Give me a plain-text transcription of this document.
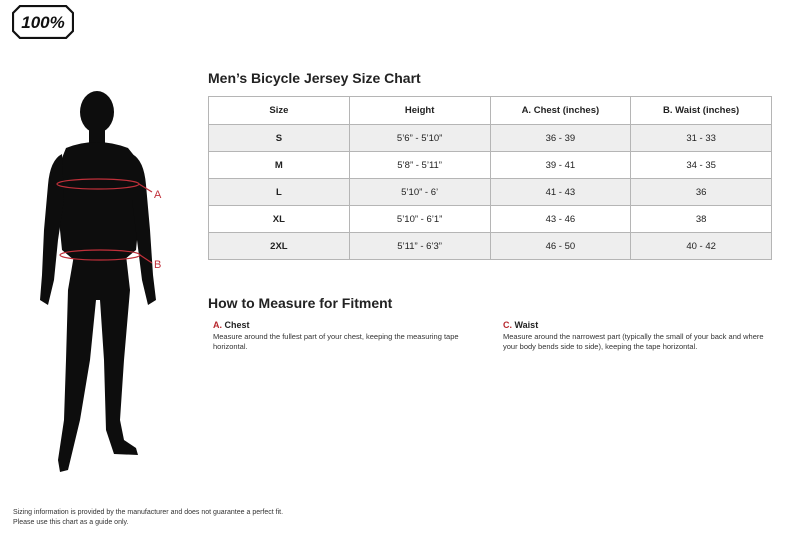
100%
A
B
Men’s Bicycle Jersey Size Chart
Size	Height	A. Chest (inches)	B. Waist (inches)
S	5’6” - 5’10”	36 - 39	31 - 33
M	5’8” - 5’11”	39 - 41	34 - 35
L	5’10” - 6’	41 - 43	36
XL	5’10” - 6’1”	43 - 46	38
2XL	5’11” - 6’3”	46 - 50	40 - 42
How to Measure for Fitment
A. Chest
Measure around the fullest part of your chest, keeping the measuring tape horizontal.
C. Waist
Measure around the narrowest part (typically the small of your back and where your body bends side to side), keeping the tape horizontal.
Sizing information is provided by the manufacturer and does not guarantee a perfect fit.
Please use this chart as a guide only.
